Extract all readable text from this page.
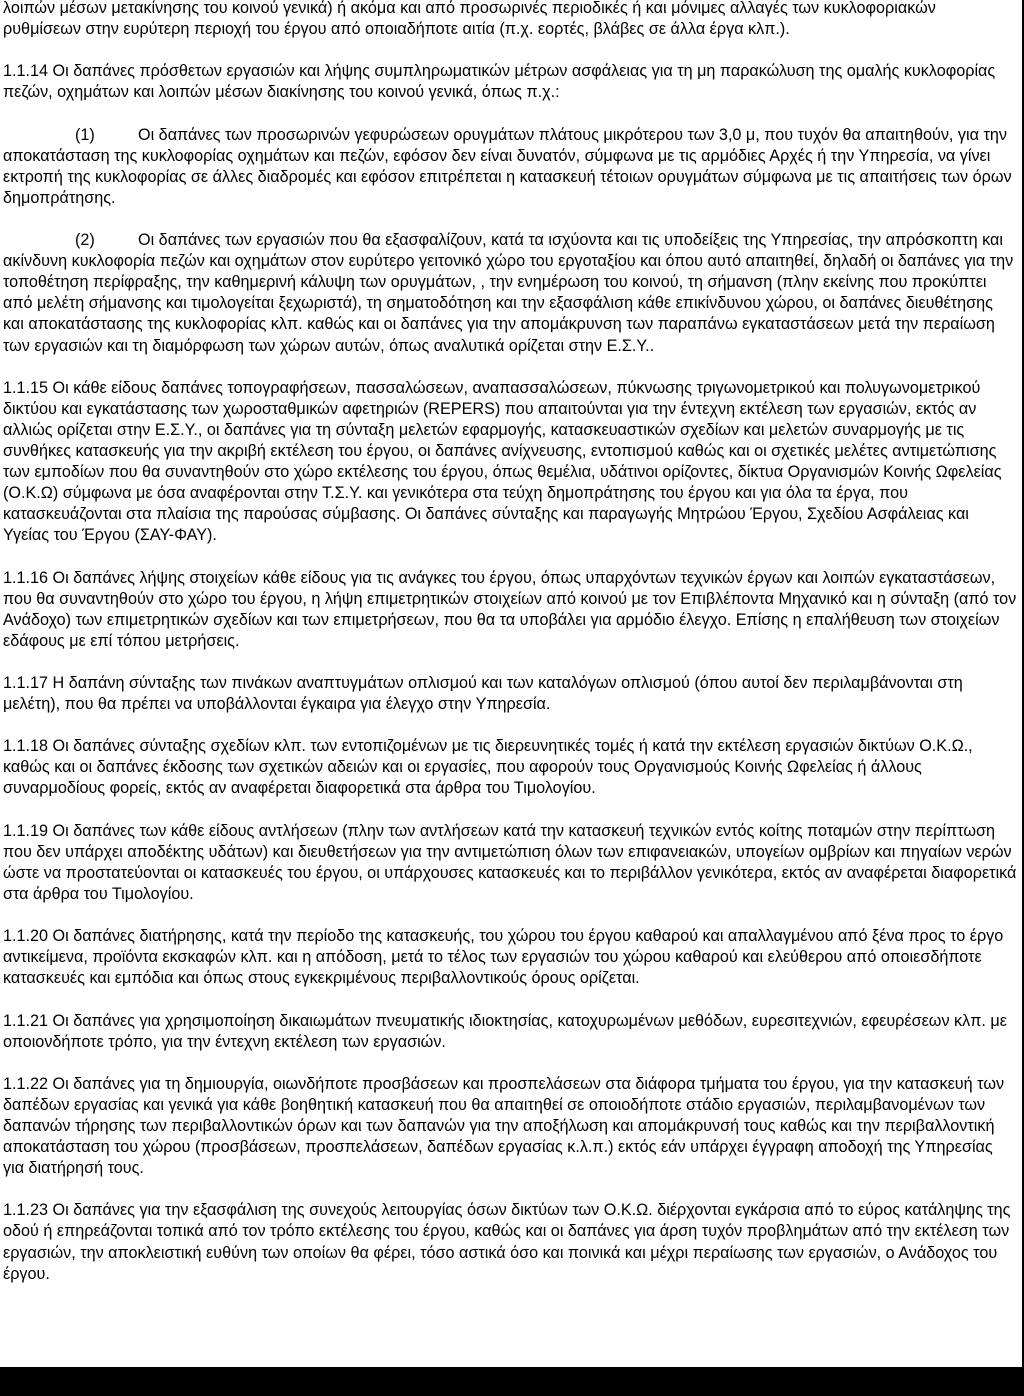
λοιπών μέσων μετακίνησης του κοινού γενικά) ή ακόμα και από προσωρινές περιοδικές ή και μόνιμες αλλαγές των κυκλοφοριακών ρυθμίσεων στην ευρύτερη περιοχή του έργου από οποιαδήποτε αιτία (π.χ. εορτές, βλάβες σε άλλα έργα κλπ.).

1.1.14 Οι δαπάνες πρόσθετων εργασιών και λήψης συμπληρωματικών μέτρων ασφάλειας για τη μη παρακώλυση της ομαλής κυκλοφορίας πεζών, οχημάτων και λοιπών μέσων διακίνησης του κοινού γενικά, όπως π.χ.:

(1)	Οι δαπάνες των προσωρινών γεφυρώσεων ορυγμάτων πλάτους μικρότερου των 3,0 μ, που τυχόν θα απαιτηθούν, για την αποκατάσταση της κυκλοφορίας οχημάτων και πεζών, εφόσον δεν είναι δυνατόν, σύμφωνα με τις αρμόδιες Αρχές ή την Υπηρεσία, να γίνει εκτροπή της κυκλοφορίας σε άλλες διαδρομές και εφόσον επιτρέπεται η κατασκευή τέτοιων ορυγμάτων σύμφωνα με τις απαιτήσεις των όρων δημοπράτησης.

(2)	Οι δαπάνες των εργασιών που θα εξασφαλίζουν, κατά τα ισχύοντα και τις υποδείξεις της Υπηρεσίας, την απρόσκοπτη και ακίνδυνη κυκλοφορία πεζών και οχημάτων στον ευρύτερο γειτονικό χώρο του εργοταξίου και όπου αυτό απαιτηθεί, δηλαδή οι δαπάνες για την τοποθέτηση περίφραξης, την καθημερινή κάλυψη των ορυγμάτων, , την ενημέρωση του κοινού, τη σήμανση (πλην εκείνης που προκύπτει από μελέτη σήμανσης και τιμολογείται ξεχωριστά), τη σηματοδότηση και την εξασφάλιση κάθε επικίνδυνου χώρου, οι δαπάνες διευθέτησης και αποκατάστασης της κυκλοφορίας κλπ. καθώς και οι δαπάνες για την απομάκρυνση των παραπάνω εγκαταστάσεων μετά την περαίωση των εργασιών και τη διαμόρφωση των χώρων αυτών, όπως αναλυτικά ορίζεται στην Ε.Σ.Υ..

1.1.15 Οι κάθε είδους δαπάνες τοπογραφήσεων, πασσαλώσεων, αναπασσαλώσεων, πύκνωσης τριγωνομετρικού και πολυγωνομετρικού δικτύου και εγκατάστασης των χωροσταθμικών αφετηριών (REPERS) που απαιτούνται για την έντεχνη εκτέλεση των εργασιών, εκτός αν αλλιώς ορίζεται στην Ε.Σ.Υ., οι δαπάνες για τη σύνταξη μελετών εφαρμογής, κατασκευαστικών σχεδίων και μελετών συναρμογής με τις συνθήκες κατασκευής για την ακριβή εκτέλεση του έργου, οι δαπάνες ανίχνευσης, εντοπισμού καθώς και οι σχετικές μελέτες αντιμετώπισης των εμποδίων που θα συναντηθούν στο χώρο εκτέλεσης του έργου, όπως θεμέλια, υδάτινοι ορίζοντες, δίκτυα Οργανισμών Κοινής Ωφελείας (Ο.Κ.Ω) σύμφωνα με όσα αναφέρονται στην Τ.Σ.Υ. και γενικότερα στα τεύχη δημοπράτησης του έργου και για όλα τα έργα, που κατασκευάζονται στα πλαίσια της παρούσας σύμβασης. Οι δαπάνες σύνταξης και παραγωγής Μητρώου Έργου, Σχεδίου Ασφάλειας και Υγείας του Έργου (ΣΑΥ-ΦΑΥ).

1.1.16 Οι δαπάνες λήψης στοιχείων κάθε είδους για τις ανάγκες του έργου, όπως υπαρχόντων τεχνικών έργων και λοιπών εγκαταστάσεων, που θα συναντηθούν στο χώρο του έργου, η λήψη επιμετρητικών στοιχείων από κοινού με τον Επιβλέποντα Μηχανικό και η σύνταξη (από τον Ανάδοχο) των επιμετρητικών σχεδίων και των επιμετρήσεων, που θα τα υποβάλει για αρμόδιο έλεγχο. Επίσης η επαλήθευση των στοιχείων εδάφους με επί τόπου μετρήσεις.

1.1.17 Η δαπάνη σύνταξης των πινάκων αναπτυγμάτων οπλισμού και των καταλόγων οπλισμού (όπου αυτοί δεν περιλαμβάνονται στη μελέτη), που θα πρέπει να υποβάλλονται έγκαιρα για έλεγχο στην Υπηρεσία.

1.1.18 Οι δαπάνες σύνταξης σχεδίων κλπ. των εντοπιζομένων με τις διερευνητικές τομές ή κατά την εκτέλεση εργασιών δικτύων Ο.Κ.Ω., καθώς και οι δαπάνες έκδοσης των σχετικών αδειών και οι εργασίες, που αφορούν τους Οργανισμούς Κοινής Ωφελείας ή άλλους συναρμοδίους φορείς, εκτός αν αναφέρεται διαφορετικά στα άρθρα του Τιμολογίου.

1.1.19 Οι δαπάνες των κάθε είδους αντλήσεων (πλην των αντλήσεων κατά την κατασκευή τεχνικών εντός κοίτης ποταμών στην περίπτωση που δεν υπάρχει αποδέκτης υδάτων) και διευθετήσεων για την αντιμετώπιση όλων των επιφανειακών, υπογείων ομβρίων και πηγαίων νερών ώστε να προστατεύονται οι κατασκευές του έργου, οι υπάρχουσες κατασκευές και το περιβάλλον γενικότερα, εκτός αν αναφέρεται διαφορετικά στα άρθρα του Τιμολογίου.

1.1.20 Οι δαπάνες διατήρησης, κατά την περίοδο της κατασκευής, του χώρου του έργου καθαρού και απαλλαγμένου από ξένα προς το έργο αντικείμενα, προϊόντα εκσκαφών κλπ. και η απόδοση, μετά το τέλος των εργασιών του χώρου καθαρού και ελεύθερου από οποιεσδήποτε κατασκευές και εμπόδια και όπως στους εγκεκριμένους περιβαλλοντικούς όρους ορίζεται.

1.1.21 Οι δαπάνες για χρησιμοποίηση δικαιωμάτων πνευματικής ιδιοκτησίας, κατοχυρωμένων μεθόδων, ευρεσιτεχνιών, εφευρέσεων κλπ. με οποιονδήποτε τρόπο, για την έντεχνη εκτέλεση των εργασιών.

1.1.22 Οι δαπάνες για τη δημιουργία, οιωνδήποτε προσβάσεων και προσπελάσεων στα διάφορα τμήματα του έργου, για την κατασκευή των δαπέδων εργασίας και γενικά για κάθε βοηθητική κατασκευή που θα απαιτηθεί σε οποιοδήποτε στάδιο εργασιών, περιλαμβανομένων των δαπανών τήρησης των περιβαλλοντικών όρων και των δαπανών για την αποξήλωση και απομάκρυνσή τους καθώς και την περιβαλλοντική αποκατάσταση του χώρου (προσβάσεων, προσπελάσεων, δαπέδων εργασίας κ.λ.π.) εκτός εάν υπάρχει έγγραφη αποδοχή της Υπηρεσίας για διατήρησή τους.

1.1.23 Οι δαπάνες για την εξασφάλιση της συνεχούς λειτουργίας όσων δικτύων των Ο.Κ.Ω. διέρχονται εγκάρσια από το εύρος κατάληψης της οδού ή επηρεάζονται τοπικά από τον τρόπο εκτέλεσης του έργου, καθώς και οι δαπάνες για άρση τυχόν προβλημάτων από την εκτέλεση των εργασιών, την αποκλειστική ευθύνη των οποίων θα φέρει, τόσο αστικά όσο και ποινικά και μέχρι περαίωσης των εργασιών, ο Ανάδοχος του έργου.
